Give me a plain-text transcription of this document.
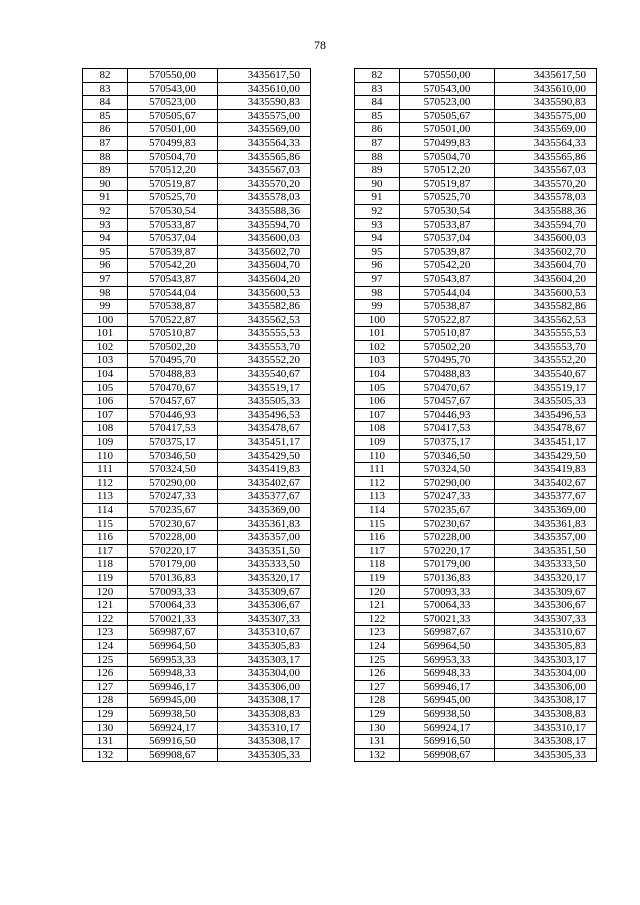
78
82	570550,00	3435617,50		82	570550,00	3435617,50
83	570543,00	3435610,00		83	570543,00	3435610,00
84	570523,00	3435590,83		84	570523,00	3435590,83
85	570505,67	3435575,00		85	570505,67	3435575,00
86	570501,00	3435569,00		86	570501,00	3435569,00
87	570499,83	3435564,33		87	570499,83	3435564,33
88	570504,70	3435565,86		88	570504,70	3435565,86
89	570512,20	3435567,03		89	570512,20	3435567,03
90	570519,87	3435570,20		90	570519,87	3435570,20
91	570525,70	3435578,03		91	570525,70	3435578,03
92	570530,54	3435588,36		92	570530,54	3435588,36
93	570533,87	3435594,70		93	570533,87	3435594,70
94	570537,04	3435600,03		94	570537,04	3435600,03
95	570539,87	3435602,70		95	570539,87	3435602,70
96	570542,20	3435604,70		96	570542,20	3435604,70
97	570543,87	3435604,20		97	570543,87	3435604,20
98	570544,04	3435600,53		98	570544,04	3435600,53
99	570538,87	3435582,86		99	570538,87	3435582,86
100	570522,87	3435562,53		100	570522,87	3435562,53
101	570510,87	3435555,53		101	570510,87	3435555,53
102	570502,20	3435553,70		102	570502,20	3435553,70
103	570495,70	3435552,20		103	570495,70	3435552,20
104	570488,83	3435540,67		104	570488,83	3435540,67
105	570470,67	3435519,17		105	570470,67	3435519,17
106	570457,67	3435505,33		106	570457,67	3435505,33
107	570446,93	3435496,53		107	570446,93	3435496,53
108	570417,53	3435478,67		108	570417,53	3435478,67
109	570375,17	3435451,17		109	570375,17	3435451,17
110	570346,50	3435429,50		110	570346,50	3435429,50
111	570324,50	3435419,83		111	570324,50	3435419,83
112	570290,00	3435402,67		112	570290,00	3435402,67
113	570247,33	3435377,67		113	570247,33	3435377,67
114	570235,67	3435369,00		114	570235,67	3435369,00
115	570230,67	3435361,83		115	570230,67	3435361,83
116	570228,00	3435357,00		116	570228,00	3435357,00
117	570220,17	3435351,50		117	570220,17	3435351,50
118	570179,00	3435333,50		118	570179,00	3435333,50
119	570136,83	3435320,17		119	570136,83	3435320,17
120	570093,33	3435309,67		120	570093,33	3435309,67
121	570064,33	3435306,67		121	570064,33	3435306,67
122	570021,33	3435307,33		122	570021,33	3435307,33
123	569987,67	3435310,67		123	569987,67	3435310,67
124	569964,50	3435305,83		124	569964,50	3435305,83
125	569953,33	3435303,17		125	569953,33	3435303,17
126	569948,33	3435304,00		126	569948,33	3435304,00
127	569946,17	3435306,00		127	569946,17	3435306,00
128	569945,00	3435308,17		128	569945,00	3435308,17
129	569938,50	3435308,83		129	569938,50	3435308,83
130	569924,17	3435310,17		130	569924,17	3435310,17
131	569916,50	3435308,17		131	569916,50	3435308,17
132	569908,67	3435305,33		132	569908,67	3435305,33
